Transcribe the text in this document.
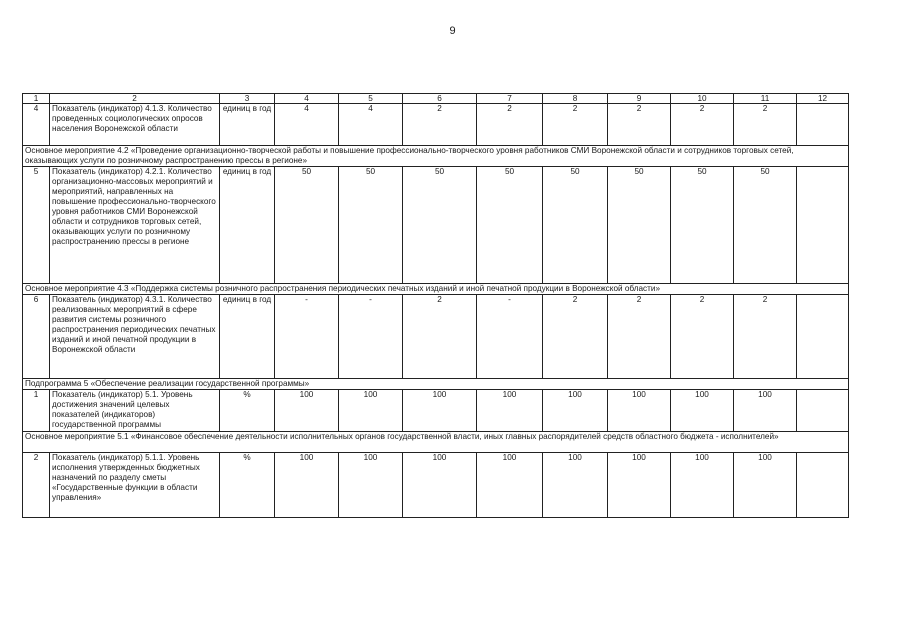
9
1	2	3	4	5	6	7	8	9	10	11	12
4	Показатель (индикатор) 4.1.3. Количество проведенных социологических опросов населения Воронежской области	единиц в год	4	4	2	2	2	2	2	2	
Основное мероприятие 4.2 «Проведение организационно-творческой работы и повышение профессионально-творческого уровня работников СМИ Воронежской области и сотрудников торговых сетей, оказывающих услуги по розничному распространению прессы в регионе»											
5	Показатель (индикатор) 4.2.1. Количество организационно-массовых мероприятий и мероприятий, направленных на повышение профессионально-творческого уровня работников СМИ Воронежской области и сотрудников торговых сетей, оказывающих услуги по розничному распространению прессы в регионе	единиц в год	50	50	50	50	50	50	50	50	
Основное мероприятие 4.3 «Поддержка системы розничного распространения периодических печатных изданий и иной печатной продукции в Воронежской области»											
6	Показатель (индикатор) 4.3.1. Количество реализованных мероприятий в сфере развития системы розничного распространения периодических печатных изданий и иной печатной продукции в Воронежской области	единиц в год	-	-	2	-	2	2	2	2	
Подпрограмма 5 «Обеспечение реализации государственной программы»											
1	Показатель (индикатор) 5.1. Уровень достижения значений целевых показателей (индикаторов) государственной программы	%	100	100	100	100	100	100	100	100	
Основное мероприятие 5.1 «Финансовое обеспечение деятельности исполнительных органов государственной власти, иных главных распорядителей средств областного бюджета - исполнителей»											
2	Показатель (индикатор) 5.1.1. Уровень исполнения утвержденных бюджетных назначений по разделу сметы «Государственные функции в области управления»	%	100	100	100	100	100	100	100	100	
